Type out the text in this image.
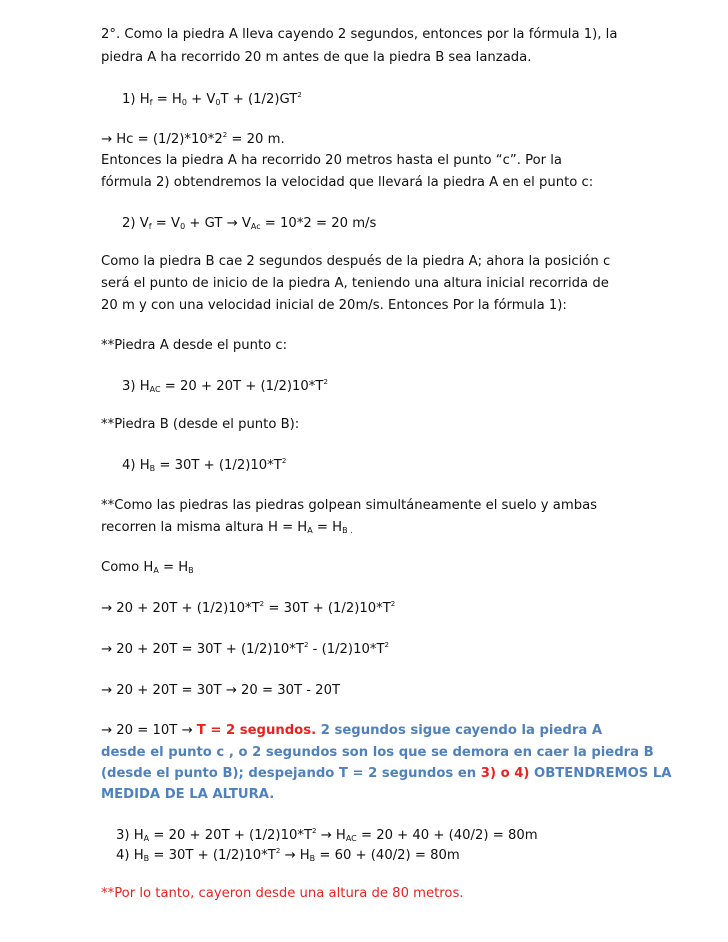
2°. Como la piedra A lleva cayendo 2 segundos, entonces por la fórmula 1), la
piedra A ha recorrido 20 m antes de que la piedra B sea lanzada.
1) $H_f = H_0 + V_0T + (1/2)GT^2$
→ $Hc = (1/2)*10*2^2 = 20$ m.
Entonces la piedra A ha recorrido 20 metros hasta el punto “c”. Por la
fórmula 2) obtendremos la velocidad que llevará la piedra A en el punto c:
2) $V_f = V_0$ + GT → $V_{Ac} = 10*2 = 20$ m/s
Como la piedra B cae 2 segundos después de la piedra A; ahora la posición c
será el punto de inicio de la piedra A, teniendo una altura inicial recorrida de
20 m y con una velocidad inicial de 20m/s. Entonces Por la fórmula 1):
**Piedra A desde el punto c:
3) $H_{AC} = 20 + 20T + (1/2)10*T^2$
**Piedra B (desde el punto B):
4) $H_B = 30T + (1/2)10*T^2$
**Como las piedras las piedras golpean simultáneamente el suelo y ambas
recorren la misma altura $H = H_A = H_{B .}$
Como $H_A = H_B$
→ $20 + 20T + (1/2)10*T^2 = 30T + (1/2)10*T^2$
→ $20 + 20T = 30T + (1/2)10*T^2 - (1/2)10*T^2$
→ 20 + 20T = 30T → 20 = 30T - 20T
→ 20 = 10T → T = 2 segundos. 2 segundos sigue cayendo la piedra A
desde el punto c , o 2 segundos son los que se demora en caer la piedra B
(desde el punto B); despejando T = 2 segundos en 3) o 4) OBTENDREMOS LA
MEDIDA DE LA ALTURA.
3) $H_A = 20 + 20T + (1/2)10*T^2 \to H_{AC} = 20 + 40 + (40/2) = 80m$
4) $H_B = 30T + (1/2)10*T^2 \to H_B = 60 + (40/2) = 80m$
**Por lo tanto, cayeron desde una altura de 80 metros.
